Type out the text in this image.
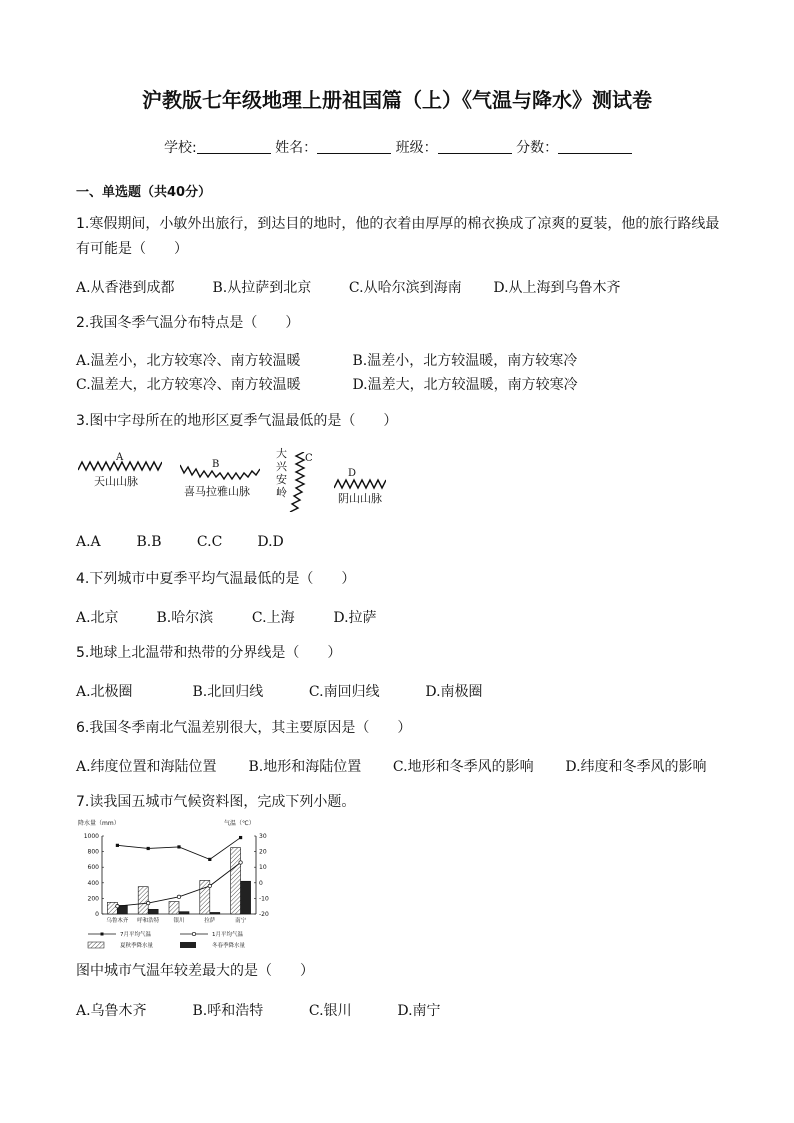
沪教版七年级地理上册祖国篇（上）《气温与降水》测试卷
学校:	姓名：	班级：	分数：
一、单选题（共40分）
1.寒假期间，小敏外出旅行，到达目的地时，他的衣着由厚厚的棉衣换成了凉爽的夏装，他的旅行路线最有可能是（　　）
A.从香港到成都	B.从拉萨到北京	C.从哈尔滨到海南 D.从上海到乌鲁木齐
2.我国冬季气温分布特点是（　　）
A.温差小，北方较寒冷、南方较温暖	B.温差小，北方较温暖，南方较寒冷
C.温差大，北方较寒冷、南方较温暖	D.温差大，北方较温暖，南方较寒冷
3.图中字母所在的地形区夏季气温最低的是（　　）
A
天山山脉
B
喜马拉雅山脉
C
大兴安岭
D
阴山山脉
A.A	B.B	C.C	D.D
4.下列城市中夏季平均气温最低的是（　　）
A.北京	B.哈尔滨	C.上海	D.拉萨
5.地球上北温带和热带的分界线是（　　）
A.北极圈	B.北回归线	C.南回归线	D.南极圈
6.我国冬季南北气温差别很大，其主要原因是（　　）
A.纬度位置和海陆位置 B.地形和海陆位置 C.地形和冬季风的影响 D.纬度和冬季风的影响
7.读我国五城市气候资料图，完成下列小题。
降水量（mm）	气温（℃）
1000
800
600
400
200
0
30
20
10
0
-10
-20
乌鲁木齐 呼和浩特	银川	拉萨	南宁
7月平均气温	1月平均气温
夏秋季降水量	冬春季降水量
图中城市气温年较差最大的是（　　）
A.乌鲁木齐	B.呼和浩特	C.银川	D.南宁
